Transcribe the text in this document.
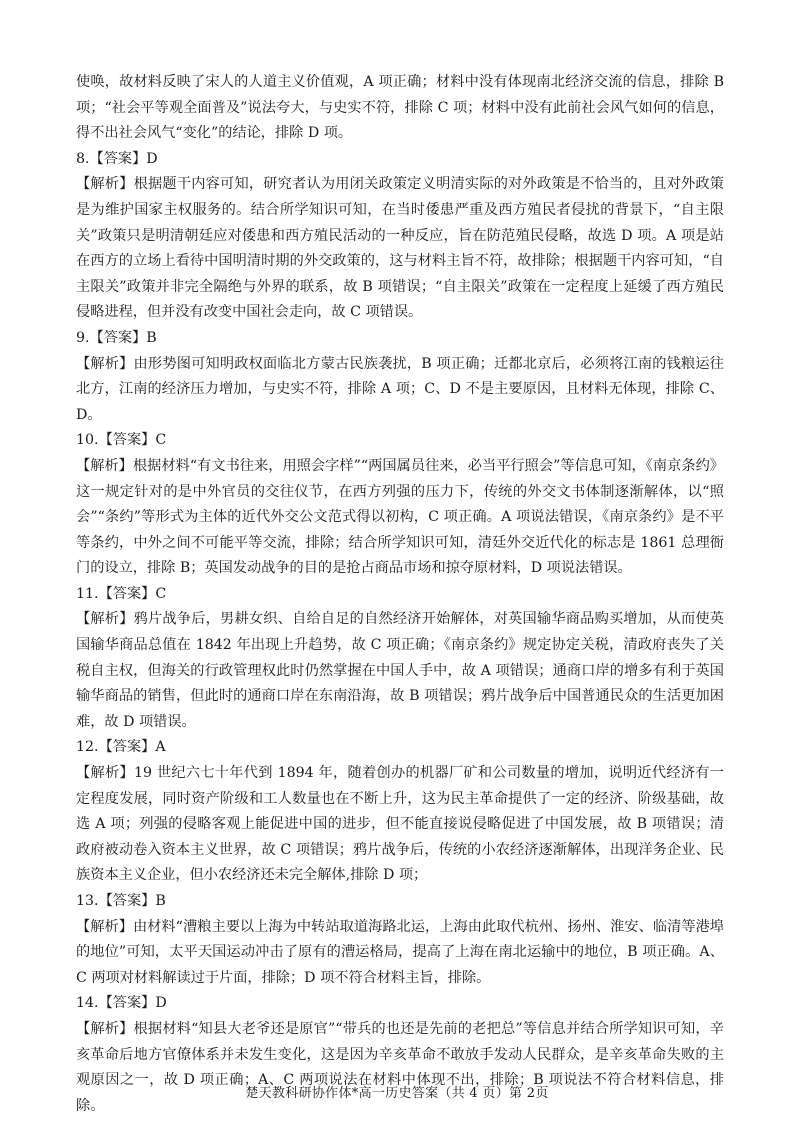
使唤，故材料反映了宋人的人道主义价值观，A 项正确；材料中没有体现南北经济交流的信息，排除 B 项；“社会平等观全面普及”说法夸大，与史实不符，排除 C 项；材料中没有此前社会风气如何的信息，得不出社会风气“变化”的结论，排除 D 项。

8.【答案】D

【解析】根据题干内容可知，研究者认为用闭关政策定义明清实际的对外政策是不恰当的，且对外政策是为维护国家主权服务的。结合所学知识可知，在当时倭患严重及西方殖民者侵扰的背景下，“自主限关”政策只是明清朝廷应对倭患和西方殖民活动的一种反应，旨在防范殖民侵略，故选 D 项。A 项是站在西方的立场上看待中国明清时期的外交政策的，这与材料主旨不符，故排除；根据题干内容可知，“自主限关”政策并非完全隔绝与外界的联系，故 B 项错误；“自主限关”政策在一定程度上延缓了西方殖民侵略进程，但并没有改变中国社会走向，故 C 项错误。

9.【答案】B

【解析】由形势图可知明政权面临北方蒙古民族袭扰，B 项正确；迁都北京后，必须将江南的钱粮运往北方，江南的经济压力增加，与史实不符，排除 A 项；C、D 不是主要原因，且材料无体现，排除 C、D。

10.【答案】C

【解析】根据材料“有文书往来，用照会字样”“两国属员往来，必当平行照会”等信息可知，《南京条约》这一规定针对的是中外官员的交往仪节，在西方列强的压力下，传统的外交文书体制逐渐解体，以“照会”“条约”等形式为主体的近代外交公文范式得以初构，C 项正确。A 项说法错误，《南京条约》是不平等条约，中外之间不可能平等交流，排除；结合所学知识可知，清廷外交近代化的标志是 1861 总理衙门的设立，排除 B；英国发动战争的目的是抢占商品市场和掠夺原材料，D 项说法错误。

11.【答案】C

【解析】鸦片战争后，男耕女织、自给自足的自然经济开始解体，对英国输华商品购买增加，从而使英国输华商品总值在 1842 年出现上升趋势，故 C 项正确；《南京条约》规定协定关税，清政府丧失了关税自主权，但海关的行政管理权此时仍然掌握在中国人手中，故 A 项错误；通商口岸的增多有利于英国输华商品的销售，但此时的通商口岸在东南沿海，故 B 项错误；鸦片战争后中国普通民众的生活更加困难，故 D 项错误。

12.【答案】A

【解析】19 世纪六七十年代到 1894 年，随着创办的机器厂矿和公司数量的增加，说明近代经济有一定程度发展，同时资产阶级和工人数量也在不断上升，这为民主革命提供了一定的经济、阶级基础，故选 A 项；列强的侵略客观上能促进中国的进步，但不能直接说侵略促进了中国发展，故 B 项错误；清政府被动卷入资本主义世界，故 C 项错误；鸦片战争后，传统的小农经济逐渐解体，出现洋务企业、民族资本主义企业，但小农经济还未完全解体,排除 D 项；

13.【答案】B

【解析】由材料“漕粮主要以上海为中转站取道海路北运，上海由此取代杭州、扬州、淮安、临清等港埠的地位”可知，太平天国运动冲击了原有的漕运格局，提高了上海在南北运输中的地位，B 项正确。A、C 两项对材料解读过于片面，排除；D 项不符合材料主旨，排除。

14.【答案】D

【解析】根据材料“知县大老爷还是原官”“带兵的也还是先前的老把总”等信息并结合所学知识可知，辛亥革命后地方官僚体系并未发生变化，这是因为辛亥革命不敢放手发动人民群众，是辛亥革命失败的主观原因之一，故 D 项正确；A、C 两项说法在材料中体现不出，排除；B 项说法不符合材料信息，排除。

楚天教科研协作体*高一历史答案（共 4 页）第 2页
